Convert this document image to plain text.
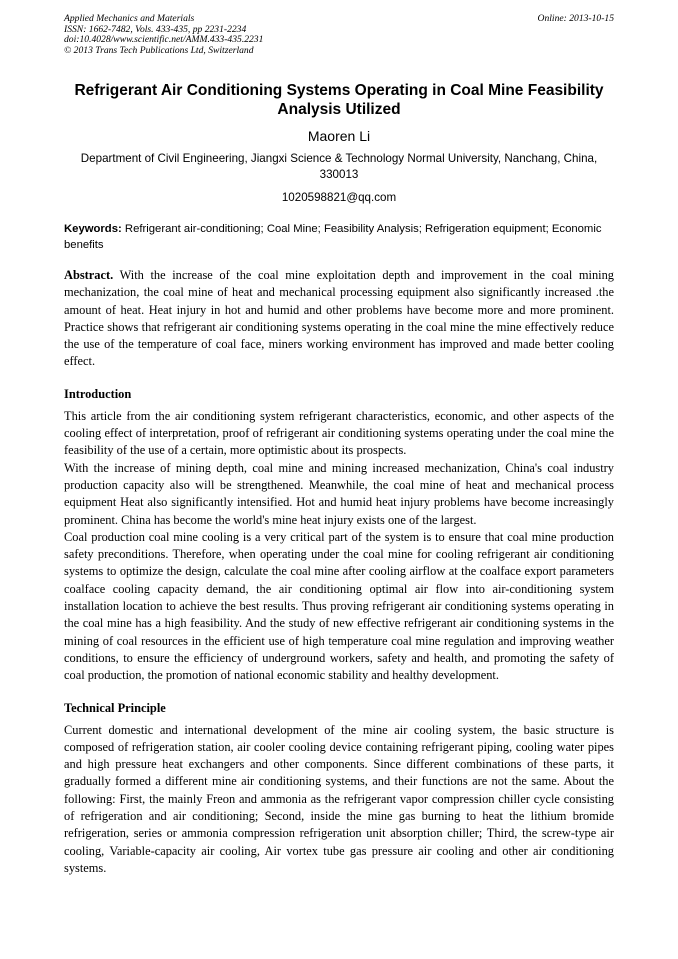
Applied Mechanics and Materials
ISSN: 1662-7482, Vols. 433-435, pp 2231-2234
doi:10.4028/www.scientific.net/AMM.433-435.2231
© 2013 Trans Tech Publications Ltd, Switzerland
Online: 2013-10-15
Refrigerant Air Conditioning Systems Operating in Coal Mine Feasibility Analysis Utilized
Maoren Li
Department of Civil Engineering, Jiangxi Science & Technology Normal University, Nanchang, China, 330013
1020598821@qq.com
Keywords: Refrigerant air-conditioning; Coal Mine; Feasibility Analysis; Refrigeration equipment; Economic benefits
Abstract. With the increase of the coal mine exploitation depth and improvement in the coal mining mechanization, the coal mine of heat and mechanical processing equipment also significantly increased .the amount of heat. Heat injury in hot and humid and other problems have become more and more prominent. Practice shows that refrigerant air conditioning systems operating in the coal mine the mine effectively reduce the use of the temperature of coal face, miners working environment has improved and made better cooling effect.
Introduction

This article from the air conditioning system refrigerant characteristics, economic, and other aspects of the cooling effect of interpretation, proof of refrigerant air conditioning systems operating under the coal mine the feasibility of the use of a certain, more optimistic about its prospects.

With the increase of mining depth, coal mine and mining increased mechanization, China's coal industry production capacity also will be strengthened. Meanwhile, the coal mine of heat and mechanical process equipment Heat also significantly intensified. Hot and humid heat injury problems have become increasingly prominent. China has become the world's mine heat injury exists one of the largest.

Coal production coal mine cooling is a very critical part of the system is to ensure that coal mine production safety preconditions. Therefore, when operating under the coal mine for cooling refrigerant air conditioning systems to optimize the design, calculate the coal mine after cooling airflow at the coalface export parameters coalface cooling capacity demand, the air conditioning optimal air flow into air-conditioning system installation location to achieve the best results. Thus proving refrigerant air conditioning systems operating in the coal mine has a high feasibility. And the study of new effective refrigerant air conditioning systems in the mining of coal resources in the efficient use of high temperature coal mine regulation and improving weather conditions, to ensure the efficiency of underground workers, safety and health, and promoting the safety of coal production, the promotion of national economic stability and healthy development.

Technical Principle

Current domestic and international development of the mine air cooling system, the basic structure is composed of refrigeration station, air cooler cooling device containing refrigerant piping, cooling water pipes and high pressure heat exchangers and other components. Since different combinations of these parts, it gradually formed a different mine air conditioning systems, and their functions are not the same. About the following: First, the mainly Freon and ammonia as the refrigerant vapor compression chiller cycle consisting of refrigeration and air conditioning; Second, inside the mine gas burning to heat the lithium bromide refrigeration, series or ammonia compression refrigeration unit absorption chiller; Third, the screw-type air cooling, Variable-capacity air cooling, Air vortex tube gas pressure air cooling and other air conditioning systems.
